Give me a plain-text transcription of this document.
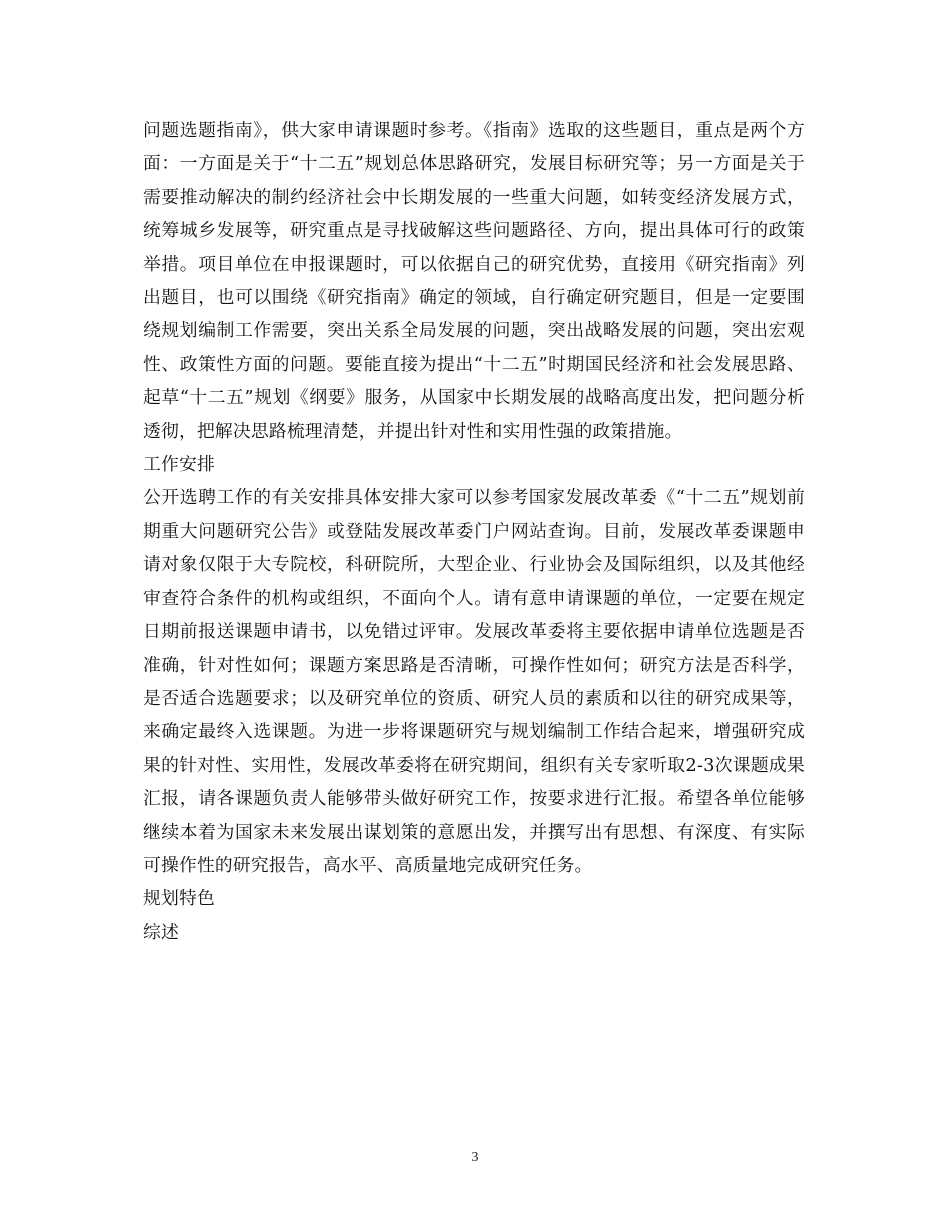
问题选题指南》，供大家申请课题时参考。《指南》选取的这些题目，重点是两个方面：一方面是关于“十二五”规划总体思路研究，发展目标研究等；另一方面是关于需要推动解决的制约经济社会中长期发展的一些重大问题，如转变经济发展方式，统筹城乡发展等，研究重点是寻找破解这些问题路径、方向，提出具体可行的政策举措。项目单位在申报课题时，可以依据自己的研究优势，直接用《研究指南》列出题目，也可以围绕《研究指南》确定的领域，自行确定研究题目，但是一定要围绕规划编制工作需要，突出关系全局发展的问题，突出战略发展的问题，突出宏观性、政策性方面的问题。要能直接为提出“十二五”时期国民经济和社会发展思路、起草“十二五”规划《纲要》服务，从国家中长期发展的战略高度出发，把问题分析透彻，把解决思路梳理清楚，并提出针对性和实用性强的政策措施。

工作安排

公开选聘工作的有关安排具体安排大家可以参考国家发展改革委《“十二五”规划前期重大问题研究公告》或登陆发展改革委门户网站查询。目前，发展改革委课题申请对象仅限于大专院校，科研院所，大型企业、行业协会及国际组织，以及其他经审查符合条件的机构或组织，不面向个人。请有意申请课题的单位，一定要在规定日期前报送课题申请书，以免错过评审。发展改革委将主要依据申请单位选题是否准确，针对性如何；课题方案思路是否清晰，可操作性如何；研究方法是否科学，是否适合选题要求；以及研究单位的资质、研究人员的素质和以往的研究成果等，来确定最终入选课题。为进一步将课题研究与规划编制工作结合起来，增强研究成果的针对性、实用性，发展改革委将在研究期间，组织有关专家听取2-3次课题成果汇报，请各课题负责人能够带头做好研究工作，按要求进行汇报。希望各单位能够继续本着为国家未来发展出谋划策的意愿出发，并撰写出有思想、有深度、有实际可操作性的研究报告，高水平、高质量地完成研究任务。

规划特色
综述
3
